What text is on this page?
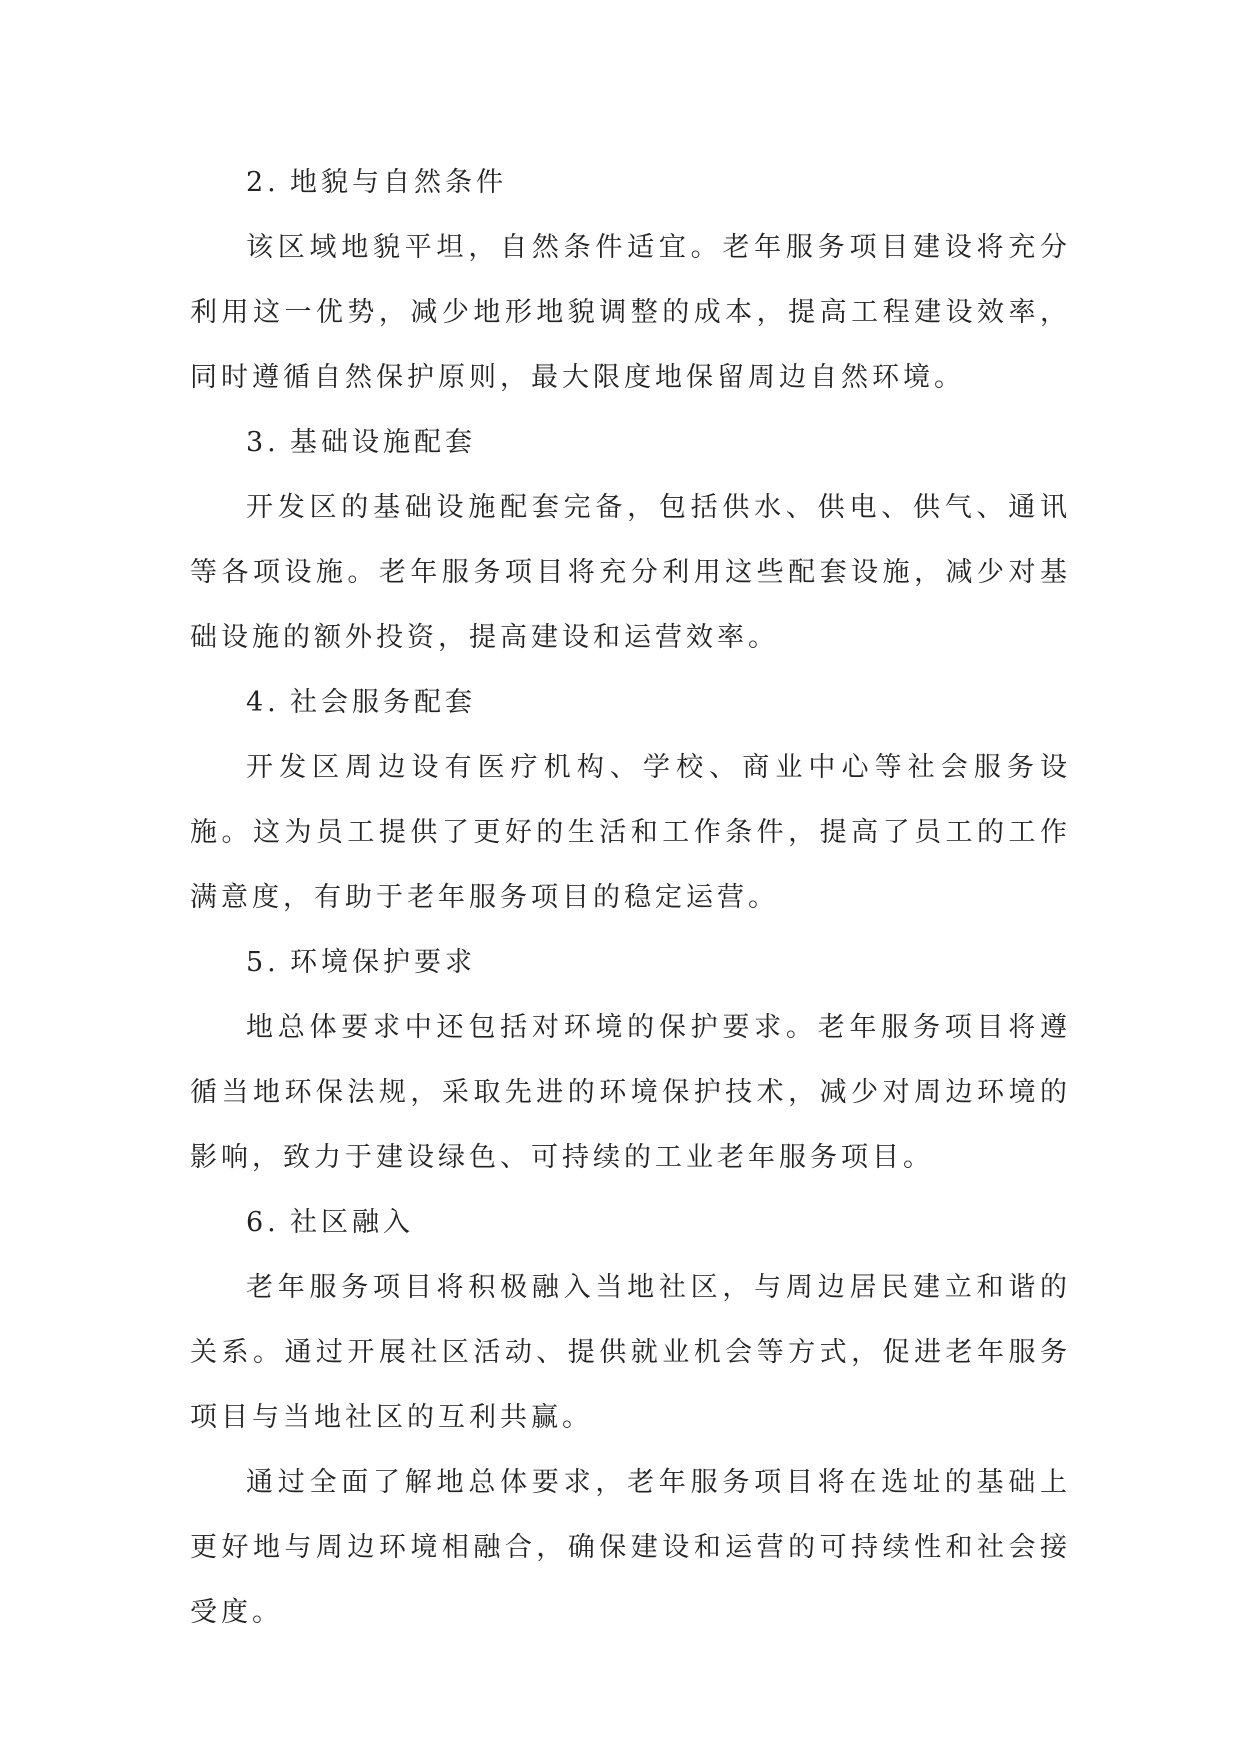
2. 地貌与自然条件

该区域地貌平坦，自然条件适宜。老年服务项目建设将充分利用这一优势，减少地形地貌调整的成本，提高工程建设效率，同时遵循自然保护原则，最大限度地保留周边自然环境。

3. 基础设施配套

开发区的基础设施配套完备，包括供水、供电、供气、通讯等各项设施。老年服务项目将充分利用这些配套设施，减少对基础设施的额外投资，提高建设和运营效率。

4. 社会服务配套

开发区周边设有医疗机构、学校、商业中心等社会服务设施。这为员工提供了更好的生活和工作条件，提高了员工的工作满意度，有助于老年服务项目的稳定运营。

5. 环境保护要求

地总体要求中还包括对环境的保护要求。老年服务项目将遵循当地环保法规，采取先进的环境保护技术，减少对周边环境的影响，致力于建设绿色、可持续的工业老年服务项目。

6. 社区融入

老年服务项目将积极融入当地社区，与周边居民建立和谐的关系。通过开展社区活动、提供就业机会等方式，促进老年服务项目与当地社区的互利共赢。

通过全面了解地总体要求，老年服务项目将在选址的基础上更好地与周边环境相融合，确保建设和运营的可持续性和社会接受度。
